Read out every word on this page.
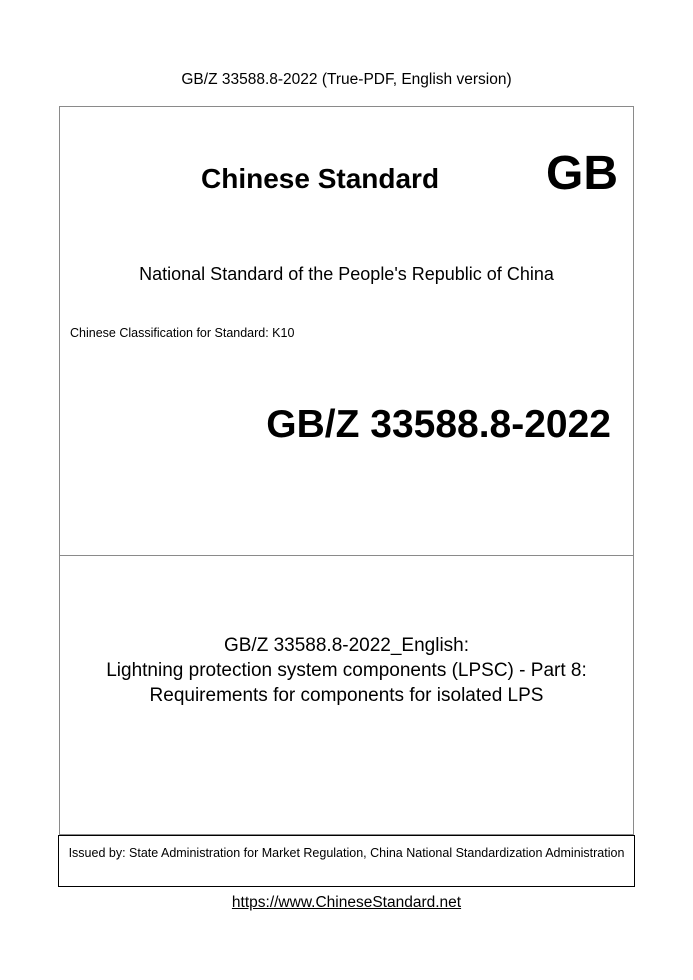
GB/Z 33588.8-2022 (True-PDF, English version)
Chinese Standard GB
National Standard of the People's Republic of China
Chinese Classification for Standard: K10
GB/Z 33588.8-2022
GB/Z 33588.8-2022_English:
Lightning protection system components (LPSC) - Part 8:
Requirements for components for isolated LPS
Issued by: State Administration for Market Regulation, China National Standardization Administration
https://www.ChineseStandard.net
